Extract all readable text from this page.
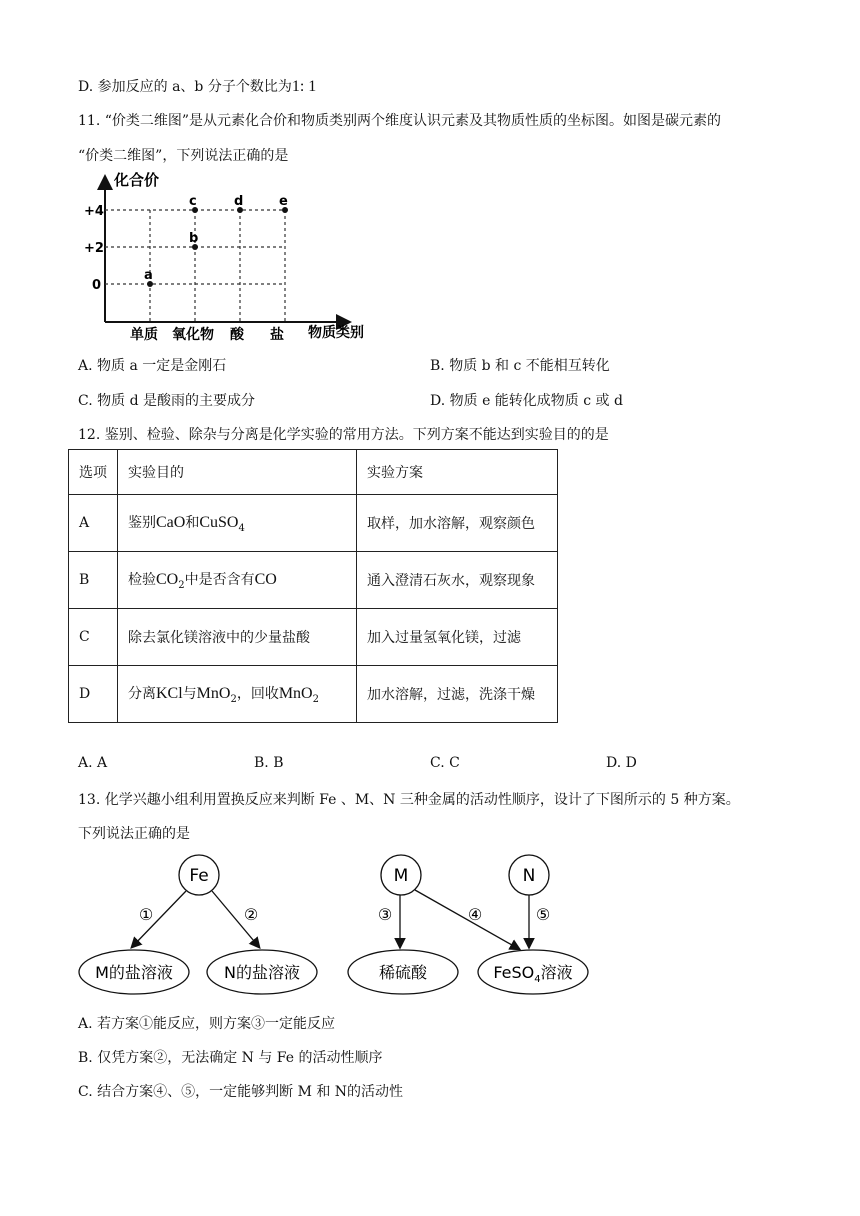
D. 参加反应的 a、b 分子个数比为1: 1
11. “价类二维图”是从元素化合价和物质类别两个维度认识元素及其物质性质的坐标图。如图是碳元素的
“价类二维图”，下列说法正确的是
化合价
+4
+2
0
单质 氧化物 酸 盐 物质类别
a
b
c	d	e
A. 物质 a 一定是金刚石	B. 物质 b 和 c 不能相互转化
C. 物质 d 是酸雨的主要成分	D. 物质 e 能转化成物质 c 或 d
12. 鉴别、检验、除杂与分离是化学实验的常用方法。下列方案不能达到实验目的的是
选项	实验目的	实验方案
A	鉴别CaO和CuSO$_4$	取样，加水溶解，观察颜色
B	检验$CO_2$中是否含有CO	通入澄清石灰水，观察现象
C	除去氯化镁溶液中的少量盐酸	加入过量氢氧化镁，过滤
D	分离KCl与MnO$_2$，回收MnO$_2$	加水溶解，过滤，洗涤干燥
A. A	B. B	C. C	D. D
13. 化学兴趣小组利用置换反应来判断 Fe 、M、N 三种金属的活动性顺序，设计了下图所示的 5 种方案。
下列说法正确的是
Fe	M	N
M的盐溶液	N的盐溶液	稀硫酸	FeSO$_4$溶液
①	②	③	④	⑤
A. 若方案①能反应，则方案③一定能反应
B. 仅凭方案②，无法确定 N 与 Fe 的活动性顺序
C. 结合方案④、⑤，一定能够判断 M 和 N的活动性
